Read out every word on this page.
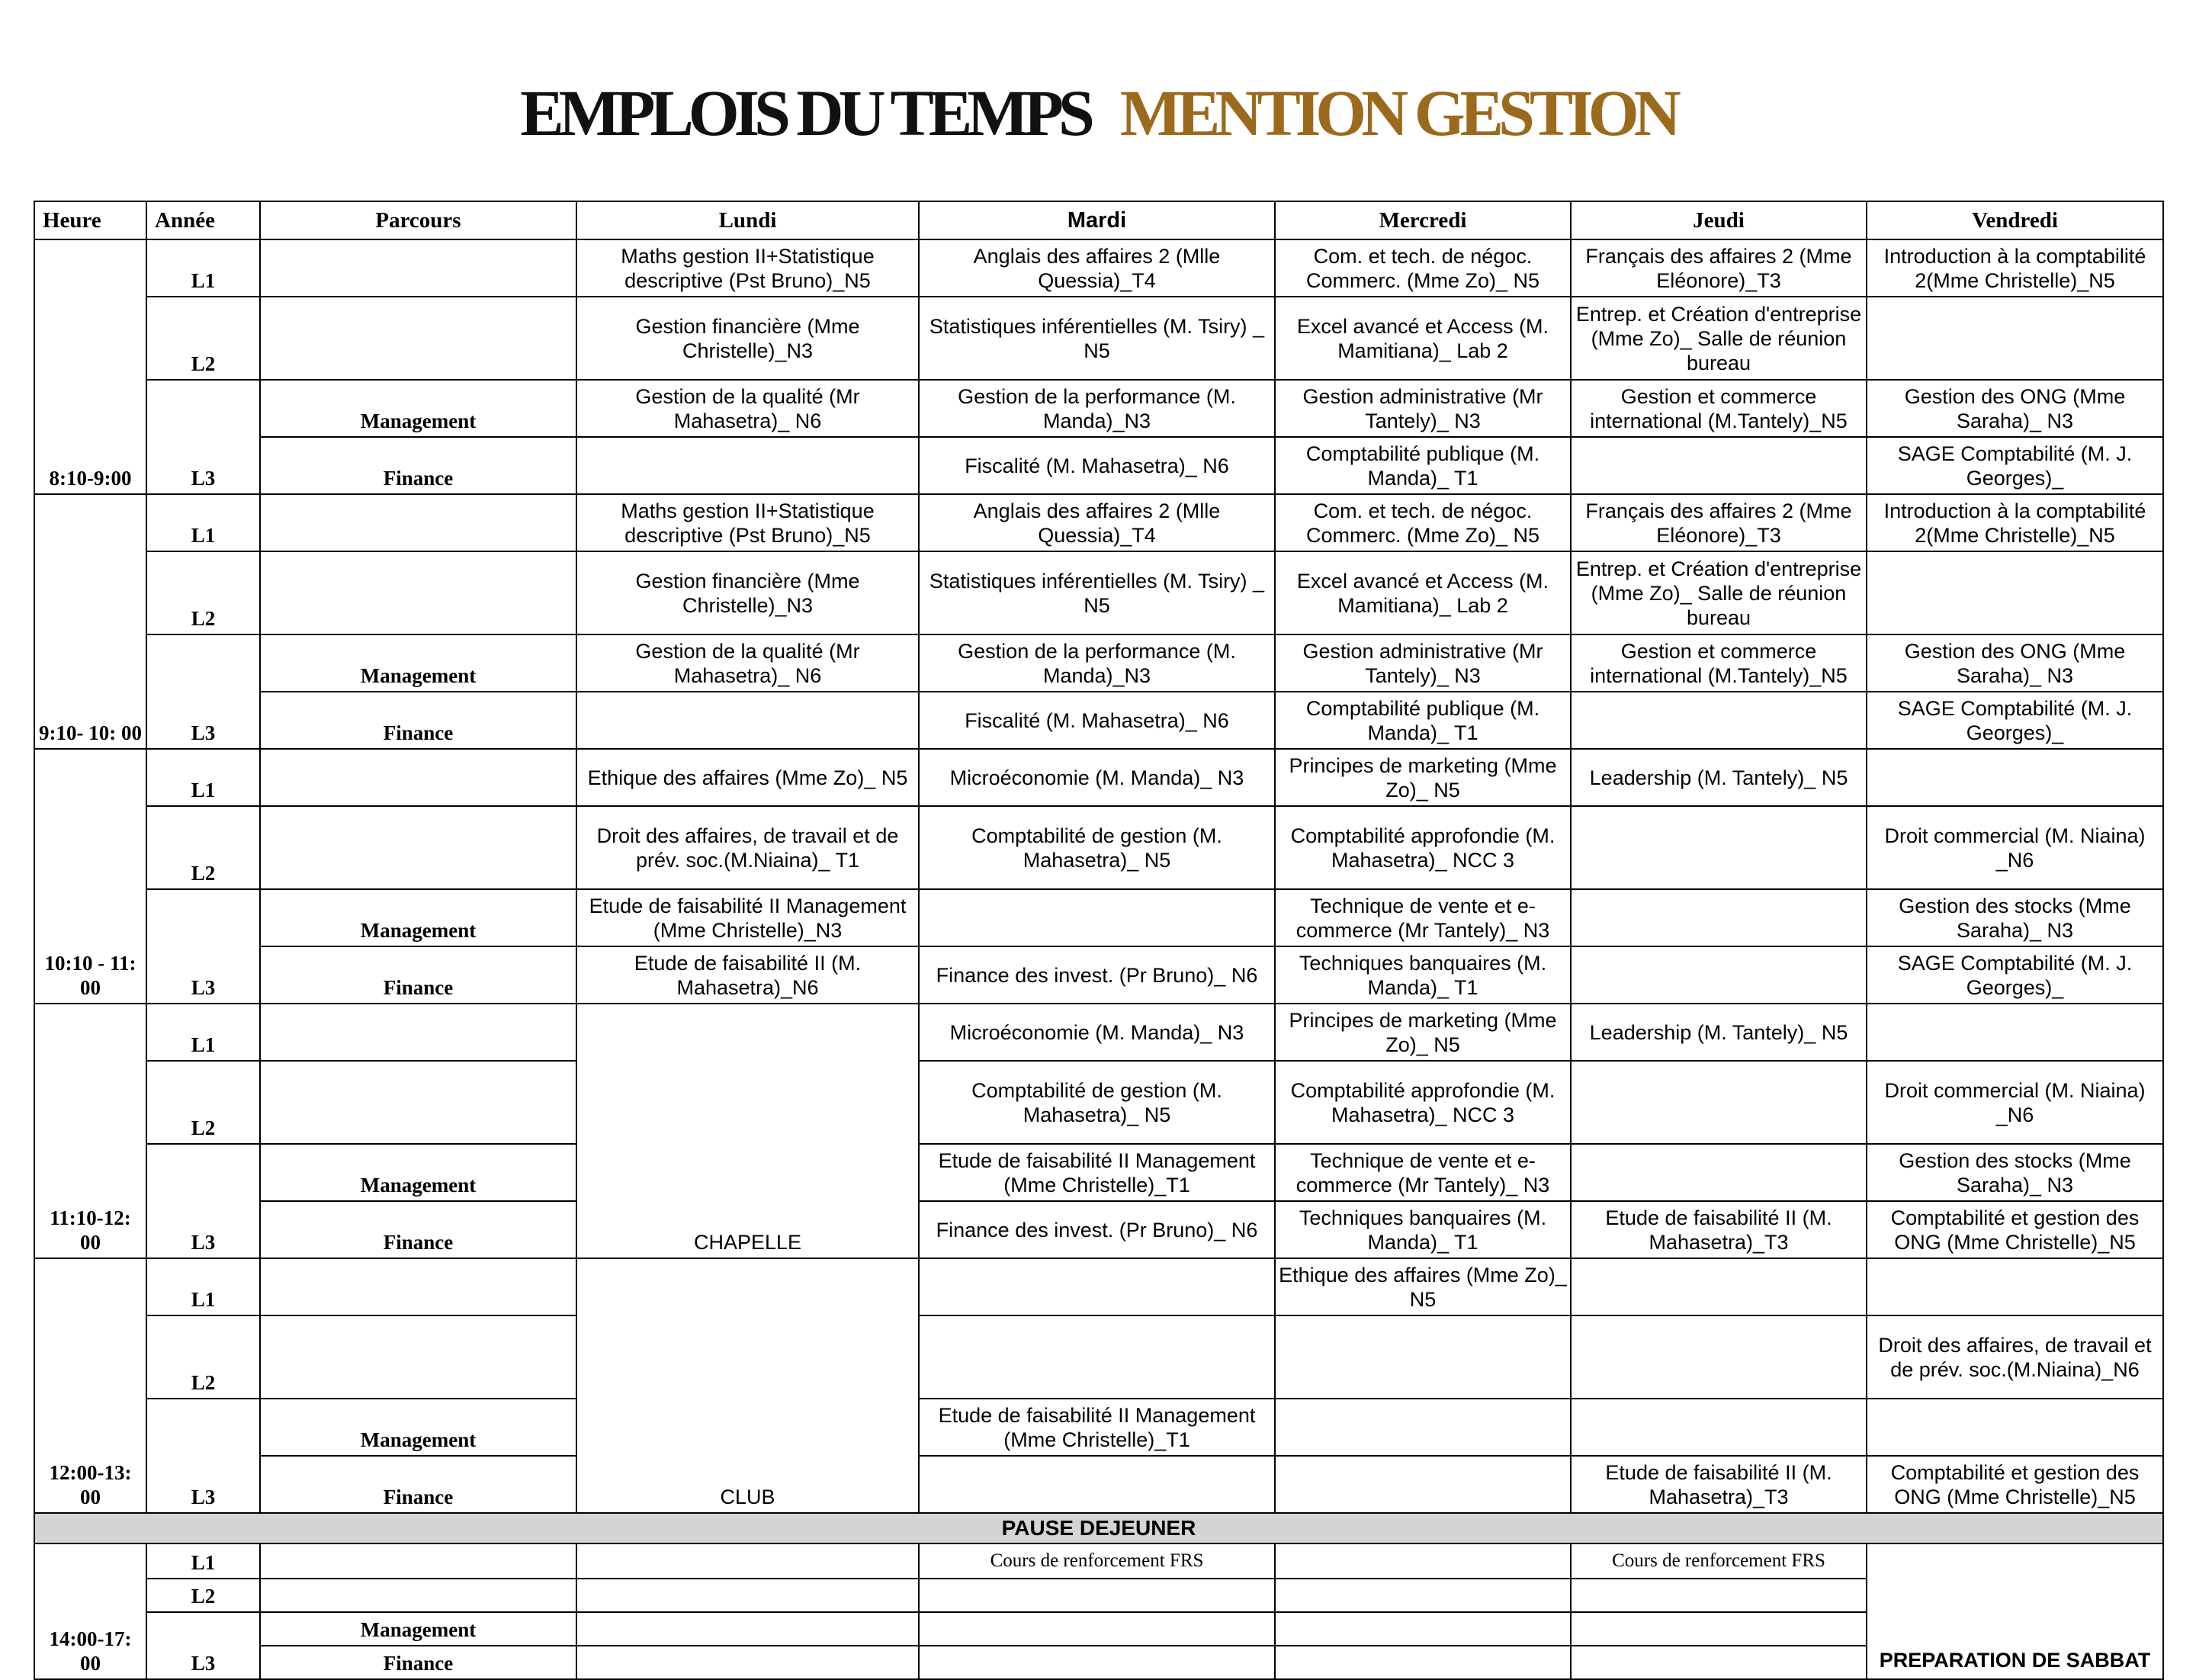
EMPLOIS DU TEMPS MENTION GESTION
Heure	Année	Parcours	Lundi	Mardi	Mercredi	Jeudi	Vendredi
8:10-9:00	L1		Maths gestion II+Statistique descriptive (Pst Bruno)_N5	Anglais des affaires 2 (Mlle Quessia)_T4	Com. et tech. de négoc. Commerc. (Mme Zo)_ N5	Français des affaires 2 (Mme Eléonore)_T3	Introduction à la comptabilité 2(Mme Christelle)_N5
	L2		Gestion financière (Mme Christelle)_N3	Statistiques inférentielles (M. Tsiry) _ N5	Excel avancé et Access (M. Mamitiana)_ Lab 2	Entrep. et Création d'entreprise (Mme Zo)_ Salle de réunion bureau	
	L3	Management	Gestion de la qualité (Mr Mahasetra)_ N6	Gestion de la performance (M. Manda)_N3	Gestion administrative (Mr Tantely)_ N3	Gestion et commerce international (M.Tantely)_N5	Gestion des ONG (Mme Saraha)_ N3
		Finance		Fiscalité (M. Mahasetra)_ N6	Comptabilité publique (M. Manda)_ T1		SAGE Comptabilité (M. J. Georges)_
9:10- 10: 00	L1		Maths gestion II+Statistique descriptive (Pst Bruno)_N5	Anglais des affaires 2 (Mlle Quessia)_T4	Com. et tech. de négoc. Commerc. (Mme Zo)_ N5	Français des affaires 2 (Mme Eléonore)_T3	Introduction à la comptabilité 2(Mme Christelle)_N5
	L2		Gestion financière (Mme Christelle)_N3	Statistiques inférentielles (M. Tsiry) _ N5	Excel avancé et Access (M. Mamitiana)_ Lab 2	Entrep. et Création d'entreprise (Mme Zo)_ Salle de réunion bureau	
	L3	Management	Gestion de la qualité (Mr Mahasetra)_ N6	Gestion de la performance (M. Manda)_N3	Gestion administrative (Mr Tantely)_ N3	Gestion et commerce international (M.Tantely)_N5	Gestion des ONG (Mme Saraha)_ N3
		Finance		Fiscalité (M. Mahasetra)_ N6	Comptabilité publique (M. Manda)_ T1		SAGE Comptabilité (M. J. Georges)_
10:10 - 11: 00	L1		Ethique des affaires (Mme Zo)_ N5	Microéconomie (M. Manda)_ N3	Principes de marketing (Mme Zo)_ N5	Leadership (M. Tantely)_ N5	
	L2		Droit des affaires, de travail et de prév. soc.(M.Niaina)_ T1	Comptabilité de gestion (M. Mahasetra)_ N5	Comptabilité approfondie (M. Mahasetra)_ NCC 3		Droit commercial (M. Niaina) _N6
	L3	Management	Etude de faisabilité II Management (Mme Christelle)_N3		Technique de vente et e-commerce (Mr Tantely)_ N3		Gestion des stocks (Mme Saraha)_ N3
		Finance	Etude de faisabilité II (M. Mahasetra)_N6	Finance des invest. (Pr Bruno)_ N6	Techniques banquaires (M. Manda)_ T1		SAGE Comptabilité (M. J. Georges)_
11:10-12: 00	L1		CHAPELLE	Microéconomie (M. Manda)_ N3	Principes de marketing (Mme Zo)_ N5	Leadership (M. Tantely)_ N5	
	L2			Comptabilité de gestion (M. Mahasetra)_ N5	Comptabilité approfondie (M. Mahasetra)_ NCC 3		Droit commercial (M. Niaina) _N6
	L3	Management		Etude de faisabilité II Management (Mme Christelle)_T1	Technique de vente et e-commerce (Mr Tantely)_ N3		Gestion des stocks (Mme Saraha)_ N3
		Finance		Finance des invest. (Pr Bruno)_ N6	Techniques banquaires (M. Manda)_ T1	Etude de faisabilité II (M. Mahasetra)_T3	Comptabilité et gestion des ONG (Mme Christelle)_N5
12:00-13: 00	L1		CLUB		Ethique des affaires (Mme Zo)_ N5		
	L2						Droit des affaires, de travail et de prév. soc.(M.Niaina)_N6
	L3	Management		Etude de faisabilité II Management (Mme Christelle)_T1			
		Finance				Etude de faisabilité II (M. Mahasetra)_T3	Comptabilité et gestion des ONG (Mme Christelle)_N5
PAUSE DEJEUNER							
14:00-17: 00	L1			Cours de renforcement FRS		Cours de renforcement FRS	PREPARATION DE SABBAT
	L2						
	L3	Management					
		Finance					
